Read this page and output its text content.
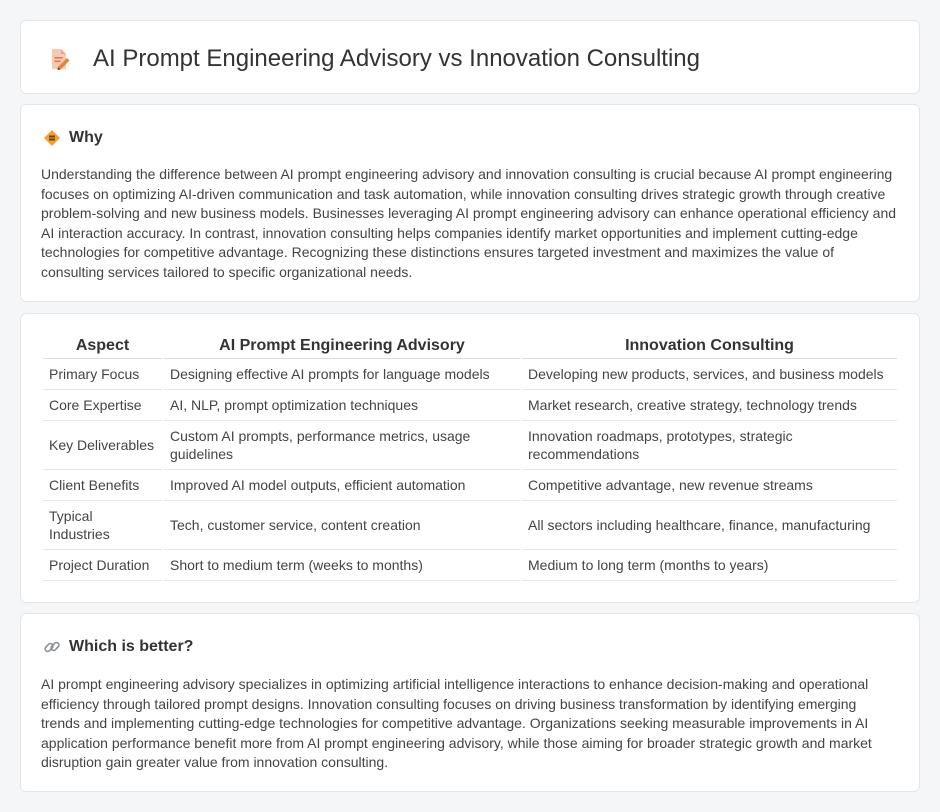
AI Prompt Engineering Advisory vs Innovation Consulting
Why

Understanding the difference between AI prompt engineering advisory and innovation consulting is crucial because AI prompt engineering focuses on optimizing AI-driven communication and task automation, while innovation consulting drives strategic growth through creative problem-solving and new business models. Businesses leveraging AI prompt engineering advisory can enhance operational efficiency and AI interaction accuracy. In contrast, innovation consulting helps companies identify market opportunities and implement cutting-edge technologies for competitive advantage. Recognizing these distinctions ensures targeted investment and maximizes the value of consulting services tailored to specific organizational needs.

Aspect	AI Prompt Engineering Advisory	Innovation Consulting
Primary Focus	Designing effective AI prompts for language models	Developing new products, services, and business models
Core Expertise	AI, NLP, prompt optimization techniques	Market research, creative strategy, technology trends
Key Deliverables	Custom AI prompts, performance metrics, usage guidelines	Innovation roadmaps, prototypes, strategic recommendations
Client Benefits	Improved AI model outputs, efficient automation	Competitive advantage, new revenue streams
Typical Industries	Tech, customer service, content creation	All sectors including healthcare, finance, manufacturing
Project Duration	Short to medium term (weeks to months)	Medium to long term (months to years)
Which is better?

AI prompt engineering advisory specializes in optimizing artificial intelligence interactions to enhance decision-making and operational efficiency through tailored prompt designs. Innovation consulting focuses on driving business transformation by identifying emerging trends and implementing cutting-edge technologies for competitive advantage. Organizations seeking measurable improvements in AI application performance benefit more from AI prompt engineering advisory, while those aiming for broader strategic growth and market disruption gain greater value from innovation consulting.
